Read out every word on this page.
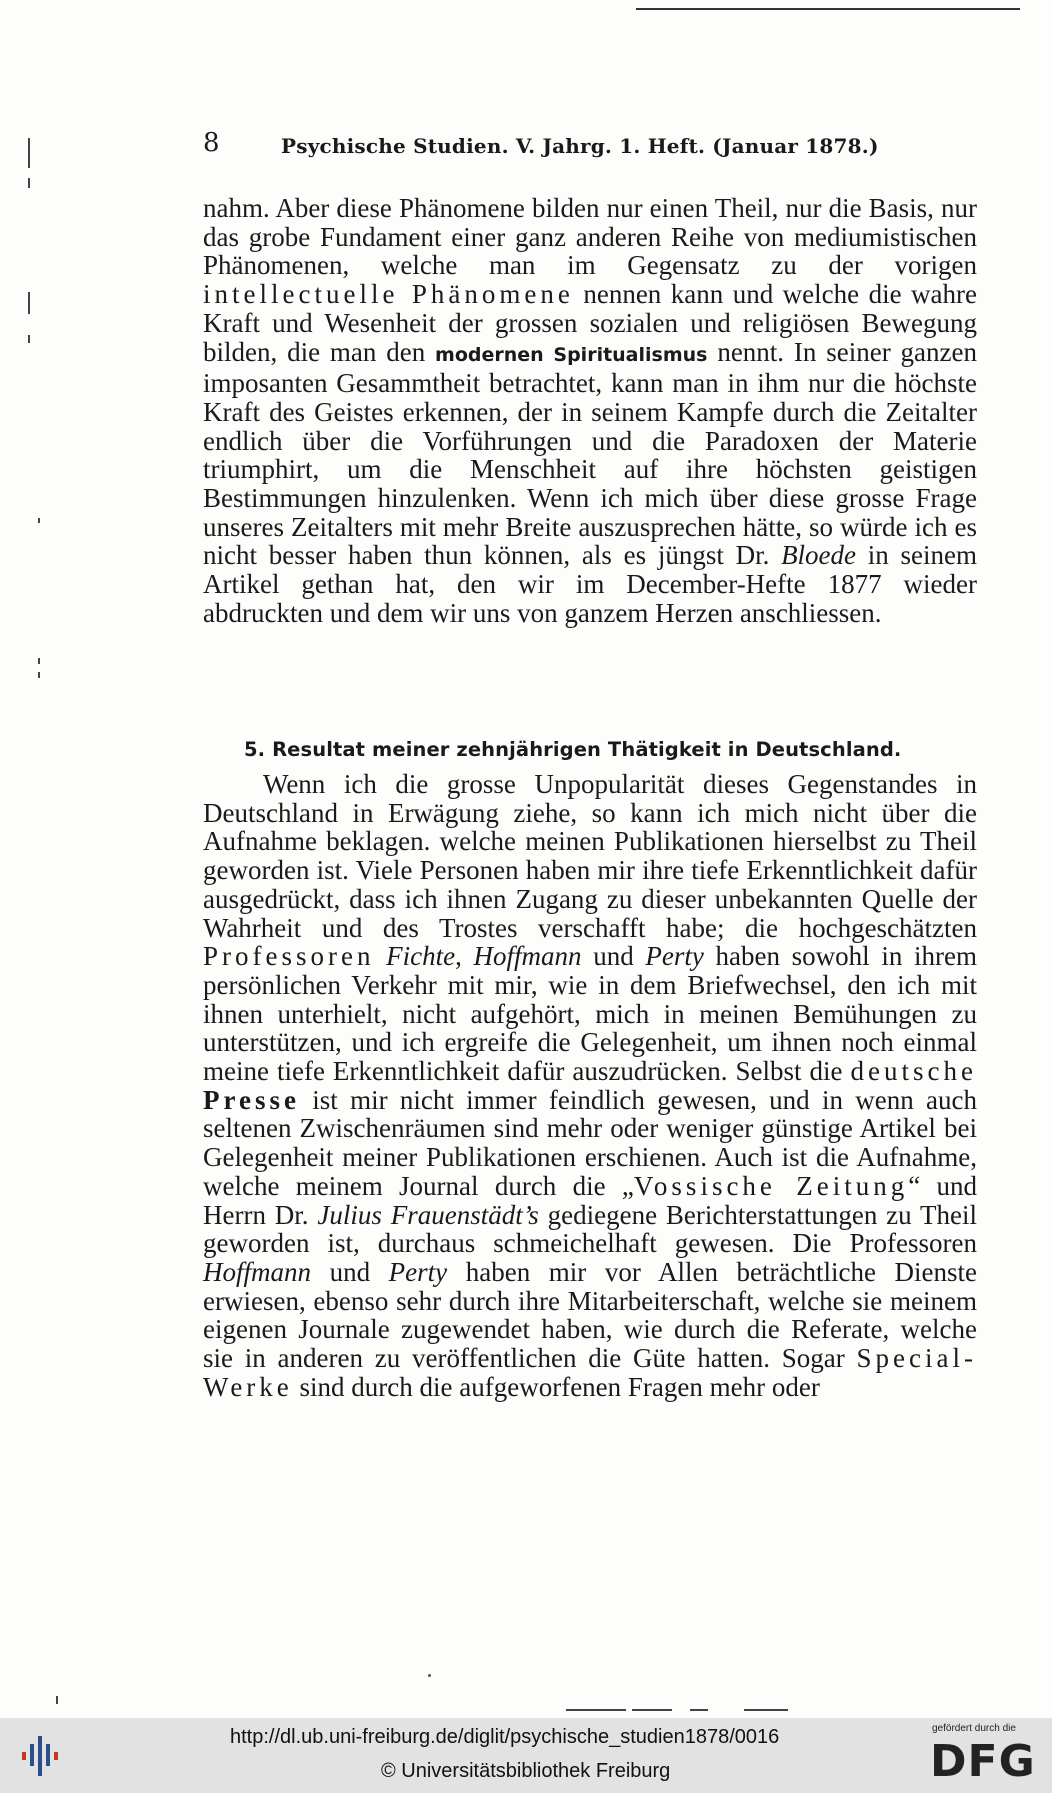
8	Psychische Studien. V. Jahrg. 1. Heft. (Januar 1878.)
nahm. Aber diese Phänomene bilden nur einen Theil, nur die Basis, nur das grobe Fundament einer ganz anderen Reihe von mediumistischen Phänomenen, welche man im Gegensatz zu der vorigen intellectuelle Phänomene nennen kann und welche die wahre Kraft und Wesenheit der grossen sozialen und religiösen Bewegung bilden, die man den modernen Spiritualismus nennt. In seiner ganzen imposanten Gesammtheit betrachtet, kann man in ihm nur die höchste Kraft des Geistes erkennen, der in seinem Kampfe durch die Zeitalter endlich über die Vorführungen und die Paradoxen der Materie triumphirt, um die Menschheit auf ihre höchsten geistigen Bestimmungen hinzulenken. Wenn ich mich über diese grosse Frage unseres Zeitalters mit mehr Breite auszusprechen hätte, so würde ich es nicht besser haben thun können, als es jüngst Dr. Bloede in seinem Artikel gethan hat, den wir im December-Hefte 1877 wieder abdruckten und dem wir uns von ganzem Herzen anschliessen.
5. Resultat meiner zehnjährigen Thätigkeit in Deutschland.
Wenn ich die grosse Unpopularität dieses Gegenstandes in Deutschland in Erwägung ziehe, so kann ich mich nicht über die Aufnahme beklagen. welche meinen Publikationen hierselbst zu Theil geworden ist. Viele Personen haben mir ihre tiefe Erkenntlichkeit dafür ausgedrückt, dass ich ihnen Zugang zu dieser unbekannten Quelle der Wahrheit und des Trostes verschafft habe; die hochgeschätzten Professoren Fichte, Hoffmann und Perty haben sowohl in ihrem persönlichen Verkehr mit mir, wie in dem Briefwechsel, den ich mit ihnen unterhielt, nicht aufgehört, mich in meinen Bemühungen zu unterstützen, und ich ergreife die Gelegenheit, um ihnen noch einmal meine tiefe Erkenntlichkeit dafür auszudrücken. Selbst die deutsche Presse ist mir nicht immer feindlich gewesen, und in wenn auch seltenen Zwischenräumen sind mehr oder weniger günstige Artikel bei Gelegenheit meiner Publikationen erschienen. Auch ist die Aufnahme, welche meinem Journal durch die „Vossische Zeitung“ und Herrn Dr. Julius Frauenstädt’s gediegene Berichterstattungen zu Theil geworden ist, durchaus schmeichelhaft gewesen. Die Professoren Hoffmann und Perty haben mir vor Allen beträchtliche Dienste erwiesen, ebenso sehr durch ihre Mitarbeiterschaft, welche sie meinem eigenen Journale zugewendet haben, wie durch die Referate, welche sie in anderen zu veröffentlichen die Güte hatten. Sogar Special-Werke sind durch die aufgeworfenen Fragen mehr oder
http://dl.ub.uni-freiburg.de/diglit/psychische_studien1878/0016
© Universitätsbibliothek Freiburg
gefördert durch die
DFG
